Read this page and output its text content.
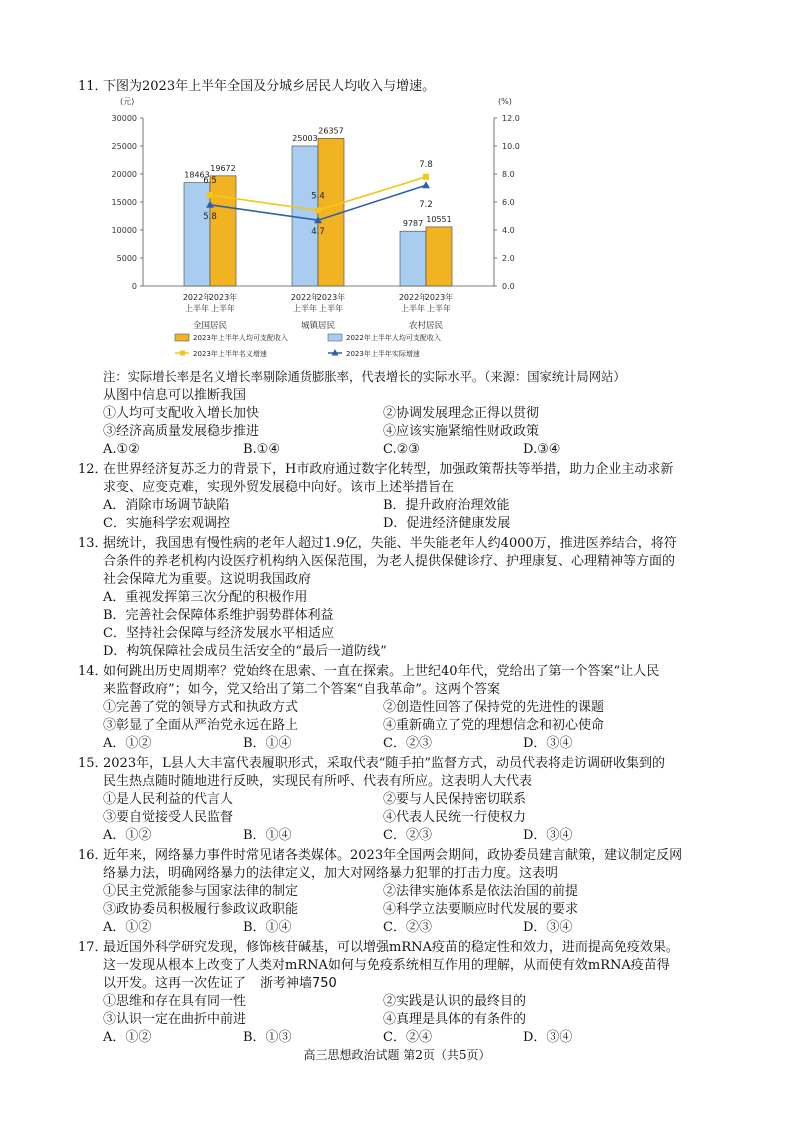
11．
下图为2023年上半年全国及分城乡居民人均收入与增速。
(元)	(%)
30000	12.0
25000	10.0
20000	8.0
15000	6.0
10000	4.0
5000	2.0
0	0.0
18463
25003
9787
19672
26357
10551
6.5
5.4
7.8
5.8
4.7
7.2
2022年
2023年
上半年 上半年
全国居民
2022年
2023年
上半年 上半年
城镇居民
2022年
2023年
上半年 上半年
农村居民
2023年上半年人均可支配收入	2022年上半年人均可支配收入
2023年上半年名义增速	2023年上半年实际增速
注：实际增长率是名义增长率剔除通货膨胀率，代表增长的实际水平。（来源：国家统计局网站）
从图中信息可以推断我国
①人均可支配收入增长加快	②协调发展理念正得以贯彻
③经济高质量发展稳步推进	④应该实施紧缩性财政政策
A.①②	B.①④	C.②③	D.③④
12．
在世界经济复苏乏力的背景下，H市政府通过数字化转型，加强政策帮扶等举措，助力企业主动求新
求变、应变克难，实现外贸发展稳中向好。该市上述举措旨在
A．消除市场调节缺陷	B．提升政府治理效能
C．实施科学宏观调控	D．促进经济健康发展
13．
据统计，我国患有慢性病的老年人超过1.9亿，失能、半失能老年人约4000万，推进医养结合，将符
合条件的养老机构内设医疗机构纳入医保范围，为老人提供保健诊疗、护理康复、心理精神等方面的
社会保障尤为重要。这说明我国政府
A．重视发挥第三次分配的积极作用
B．完善社会保障体系维护弱势群体利益
C．坚持社会保障与经济发展水平相适应
D．构筑保障社会成员生活安全的“最后一道防线”
14．
如何跳出历史周期率？党始终在思索、一直在探索。上世纪40年代，党给出了第一个答案“让人民
来监督政府”；如今，党又给出了第二个答案“自我革命”。这两个答案
①完善了党的领导方式和执政方式	②创造性回答了保持党的先进性的课题
③彰显了全面从严治党永远在路上	④重新确立了党的理想信念和初心使命
A．①②	B．①④	C．②③	D．③④
15．
2023年，L县人大丰富代表履职形式，采取代表“随手拍”监督方式，动员代表将走访调研收集到的
民生热点随时随地进行反映，实现民有所呼、代表有所应。这表明人大代表
①是人民利益的代言人	②要与人民保持密切联系
③要自觉接受人民监督	④代表人民统一行使权力
A．①②	B．①④	C．②③	D．③④
16．
近年来，网络暴力事件时常见诸各类媒体。2023年全国两会期间，政协委员建言献策，建议制定反网
络暴力法，明确网络暴力的法律定义，加大对网络暴力犯罪的打击力度。这表明
①民主党派能参与国家法律的制定	②法律实施体系是依法治国的前提
③政协委员积极履行参政议政职能	④科学立法要顺应时代发展的要求
A．①②	B．①④	C．②③	D．③④
17．
最近国外科学研究发现，修饰核苷碱基，可以增强mRNA疫苗的稳定性和效力，进而提高免疫效果。
这一发现从根本上改变了人类对mRNA如何与免疫系统相互作用的理解，从而使有效mRNA疫苗得
以开发。这再一次佐证了 浙考神墙750
①思维和存在具有同一性	②实践是认识的最终目的
③认识一定在曲折中前进	④真理是具体的有条件的
A．①②	B．①③	C．②④	D．③④
高三思想政治试题 第2页（共5页）
